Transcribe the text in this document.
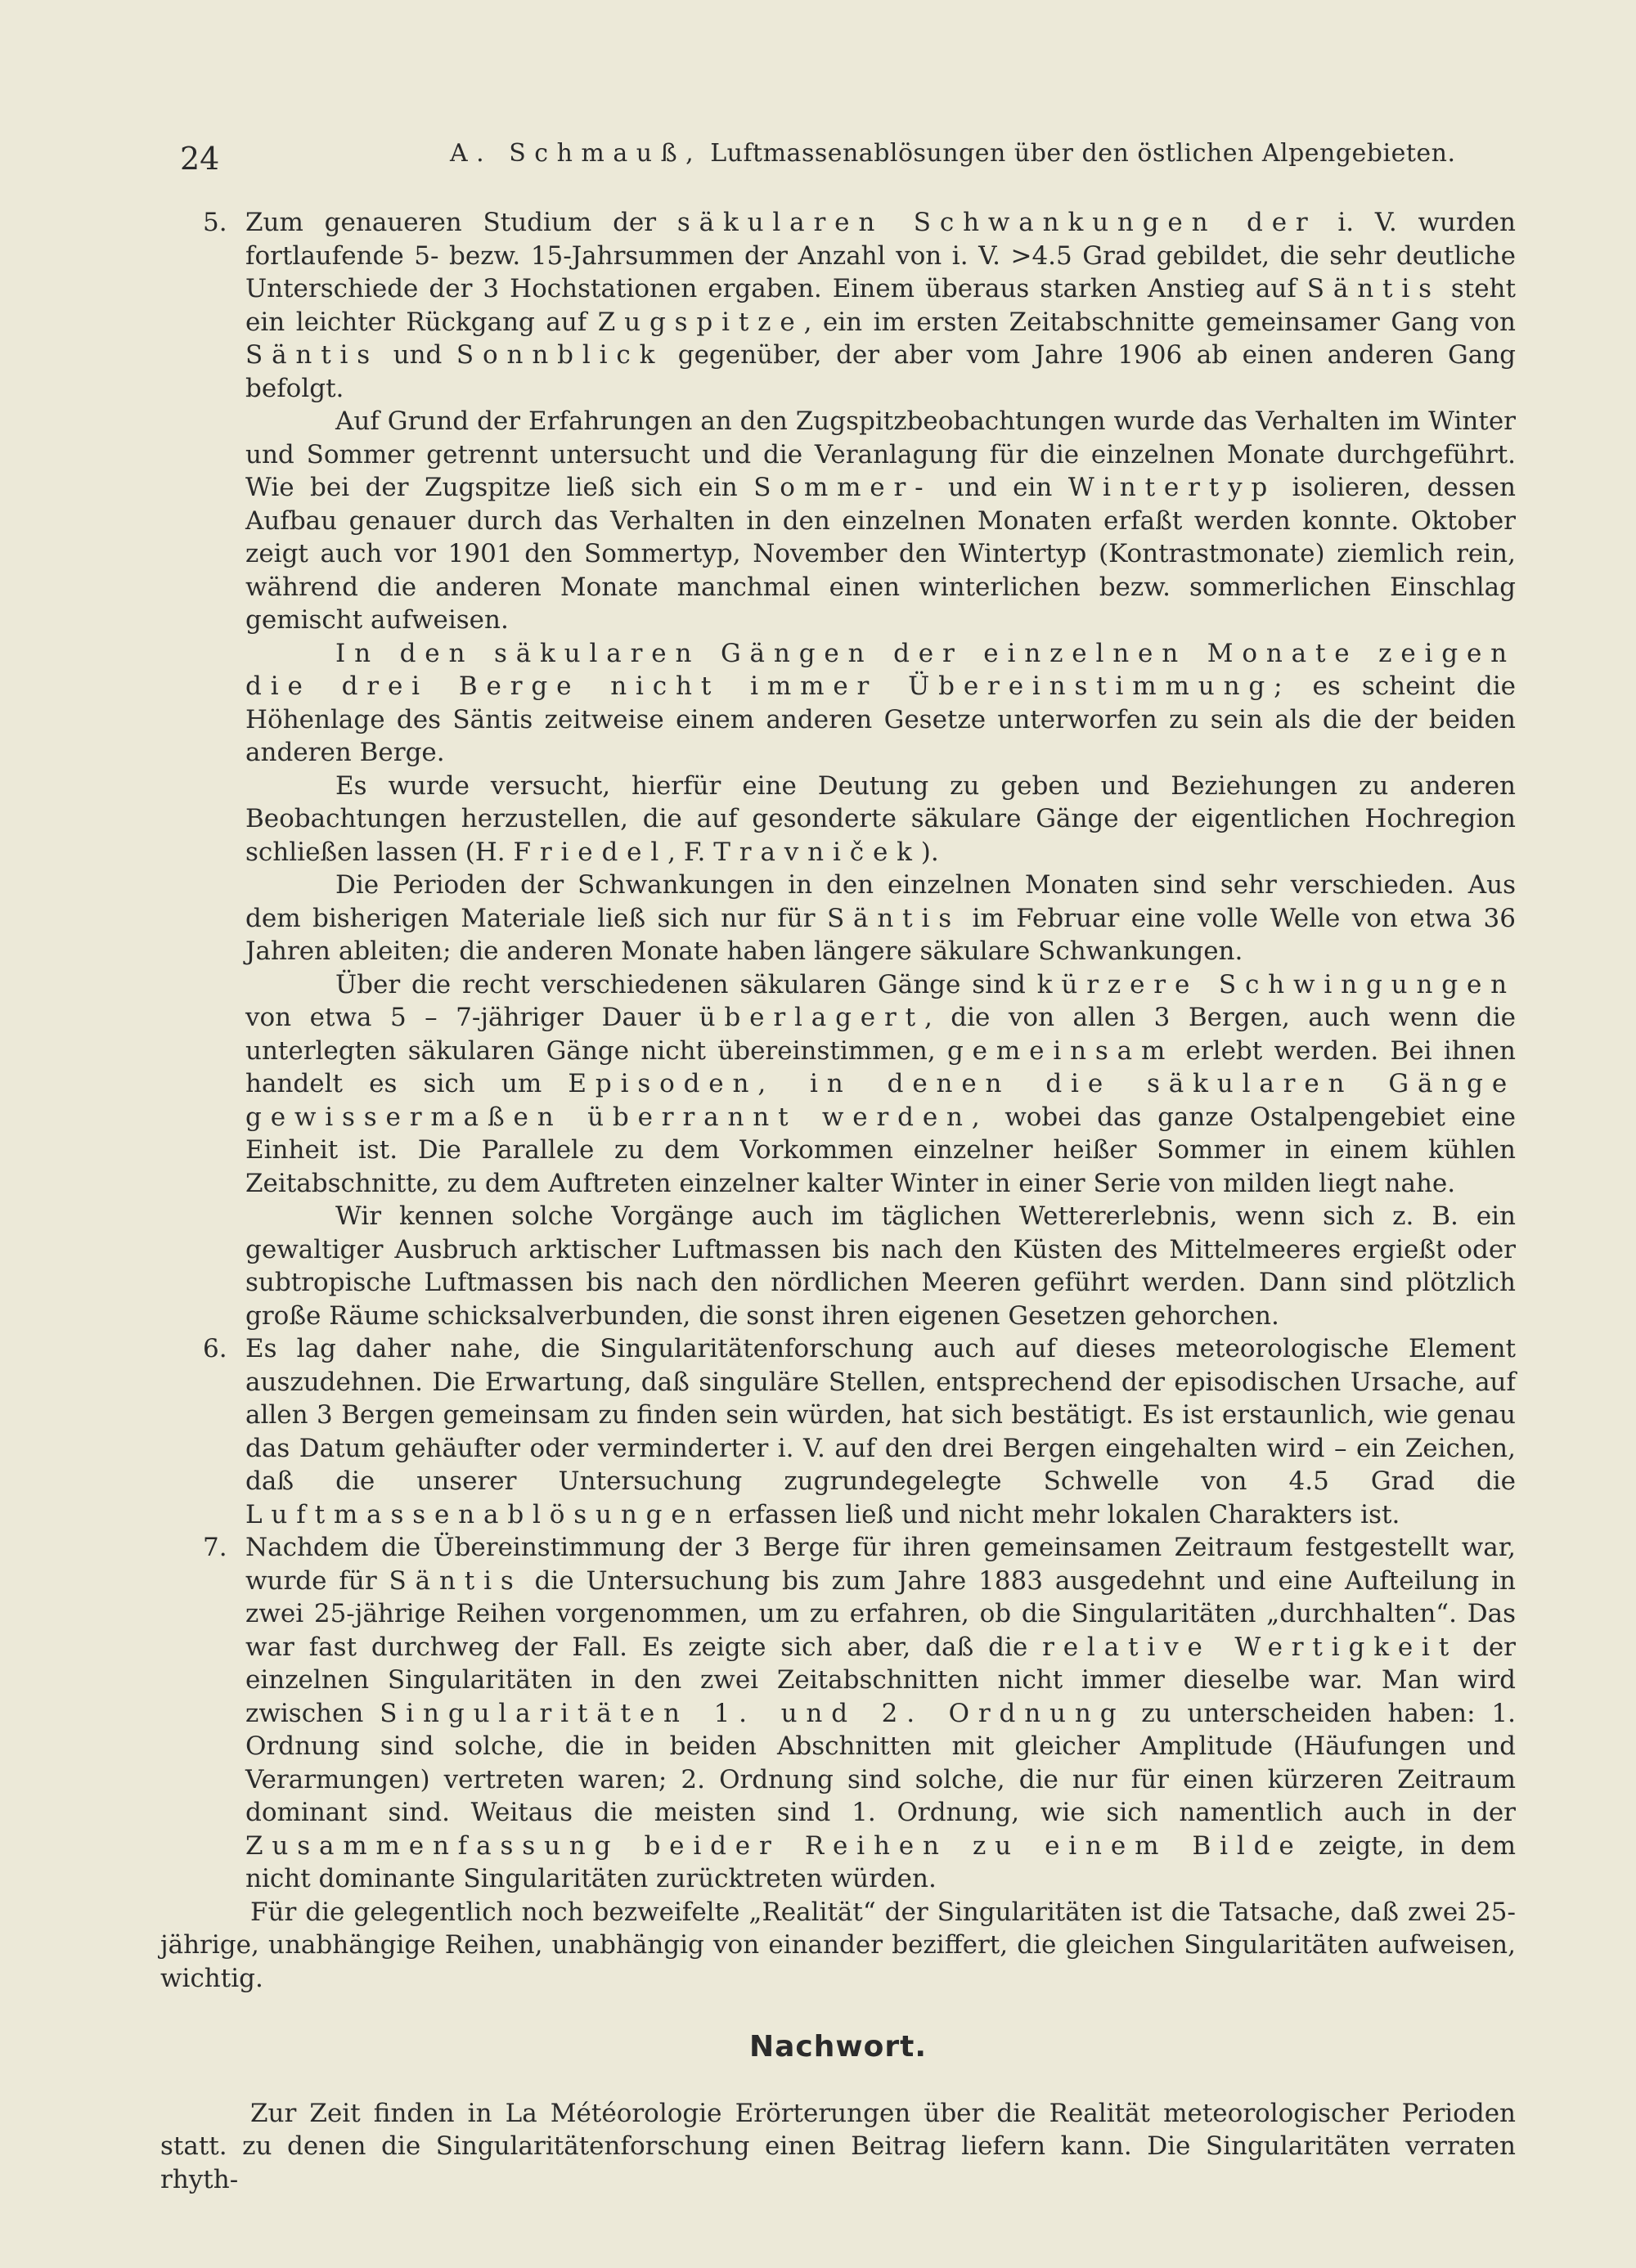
24	A. Schmauß, Luftmassenablösungen über den östlichen Alpengebieten.
5. Zum genaueren Studium der säkularen Schwankungen der i. V. wurden fortlaufende 5- bezw. 15-Jahrsummen der Anzahl von i. V. >4.5 Grad gebildet, die sehr deutliche Unterschiede der 3 Hochstationen ergaben. Einem überaus starken Anstieg auf Säntis steht ein leichter Rückgang auf Zugspitze, ein im ersten Zeitabschnitte gemeinsamer Gang von Säntis und Sonnblick gegenüber, der aber vom Jahre 1906 ab einen anderen Gang befolgt.

Auf Grund der Erfahrungen an den Zugspitzbeobachtungen wurde das Verhalten im Winter und Sommer getrennt untersucht und die Veranlagung für die einzelnen Monate durchgeführt. Wie bei der Zugspitze ließ sich ein Sommer- und ein Wintertyp isolieren, dessen Aufbau genauer durch das Verhalten in den einzelnen Monaten erfaßt werden konnte. Oktober zeigt auch vor 1901 den Sommertyp, November den Wintertyp (Kontrastmonate) ziemlich rein, während die anderen Monate manchmal einen winterlichen bezw. sommerlichen Einschlag gemischt aufweisen.

In den säkularen Gängen der einzelnen Monate zeigen die drei Berge nicht immer Übereinstimmung; es scheint die Höhenlage des Säntis zeitweise einem anderen Gesetze unterworfen zu sein als die der beiden anderen Berge.

Es wurde versucht, hierfür eine Deutung zu geben und Beziehungen zu anderen Beobachtungen herzustellen, die auf gesonderte säkulare Gänge der eigentlichen Hochregion schließen lassen (H. Friedel, F. Travniček).

Die Perioden der Schwankungen in den einzelnen Monaten sind sehr verschieden. Aus dem bisherigen Materiale ließ sich nur für Säntis im Februar eine volle Welle von etwa 36 Jahren ableiten; die anderen Monate haben längere säkulare Schwankungen.

Über die recht verschiedenen säkularen Gänge sind kürzere Schwingungen von etwa 5 – 7-jähriger Dauer überlagert, die von allen 3 Bergen, auch wenn die unterlegten säkularen Gänge nicht übereinstimmen, gemeinsam erlebt werden. Bei ihnen handelt es sich um Episoden, in denen die säkularen Gänge gewissermaßen überrannt werden, wobei das ganze Ostalpengebiet eine Einheit ist. Die Parallele zu dem Vorkommen einzelner heißer Sommer in einem kühlen Zeitabschnitte, zu dem Auftreten einzelner kalter Winter in einer Serie von milden liegt nahe.

Wir kennen solche Vorgänge auch im täglichen Wettererlebnis, wenn sich z. B. ein gewaltiger Ausbruch arktischer Luftmassen bis nach den Küsten des Mittelmeeres ergießt oder subtropische Luftmassen bis nach den nördlichen Meeren geführt werden. Dann sind plötzlich große Räume schicksalverbunden, die sonst ihren eigenen Gesetzen gehorchen.

6. Es lag daher nahe, die Singularitätenforschung auch auf dieses meteorologische Element auszudehnen. Die Erwartung, daß singuläre Stellen, entsprechend der episodischen Ursache, auf allen 3 Bergen gemeinsam zu finden sein würden, hat sich bestätigt. Es ist erstaunlich, wie genau das Datum gehäufter oder verminderter i. V. auf den drei Bergen eingehalten wird – ein Zeichen, daß die unserer Untersuchung zugrundegelegte Schwelle von 4.5 Grad die Luftmassenablösungen erfassen ließ und nicht mehr lokalen Charakters ist.

7. Nachdem die Übereinstimmung der 3 Berge für ihren gemeinsamen Zeitraum festgestellt war, wurde für Säntis die Untersuchung bis zum Jahre 1883 ausgedehnt und eine Aufteilung in zwei 25-jährige Reihen vorgenommen, um zu erfahren, ob die Singularitäten „durchhalten“. Das war fast durchweg der Fall. Es zeigte sich aber, daß die relative Wertigkeit der einzelnen Singularitäten in den zwei Zeitabschnitten nicht immer dieselbe war. Man wird zwischen Singularitäten 1. und 2. Ordnung zu unterscheiden haben: 1. Ordnung sind solche, die in beiden Abschnitten mit gleicher Amplitude (Häufungen und Verarmungen) vertreten waren; 2. Ordnung sind solche, die nur für einen kürzeren Zeitraum dominant sind. Weitaus die meisten sind 1. Ordnung, wie sich namentlich auch in der Zusammenfassung beider Reihen zu einem Bilde zeigte, in dem nicht dominante Singularitäten zurücktreten würden.

Für die gelegentlich noch bezweifelte „Realität“ der Singularitäten ist die Tatsache, daß zwei 25-jährige, unabhängige Reihen, unabhängig von einander beziffert, die gleichen Singularitäten aufweisen, wichtig.

Nachwort.

Zur Zeit finden in La Météorologie Erörterungen über die Realität meteorologischer Perioden statt. zu denen die Singularitätenforschung einen Beitrag liefern kann. Die Singularitäten verraten rhyth-
